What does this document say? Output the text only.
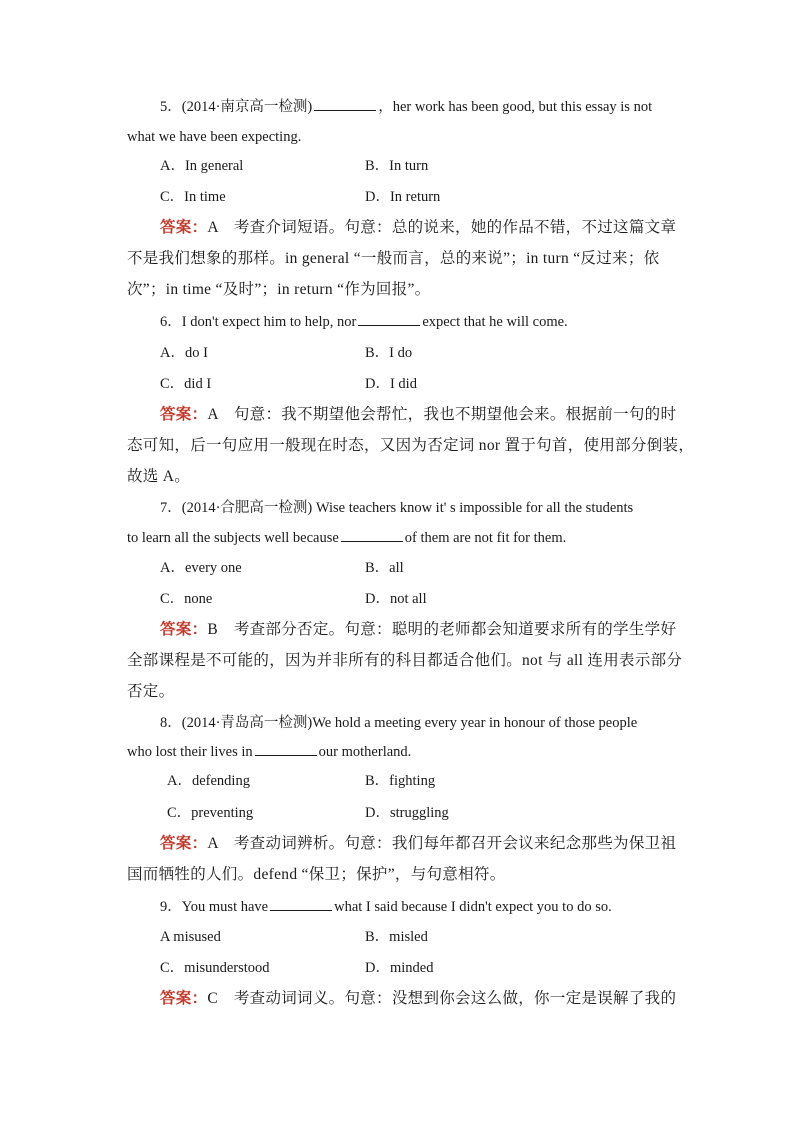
5．(2014·南京高一检测)	，her work has been good, but this essay is not
what we have been expecting.
A．In general	B．In turn
C．In time	D．In return
答案：A　考查介词短语。句意：总的说来，她的作品不错，不过这篇文章
不是我们想象的那样。in general “一般而言，总的来说”；in turn “反过来；依
次”；in time “及时”；in return “作为回报”。
6．I don't expect him to help, nor	expect that he will come.
A．do I	B．I do
C．did I	D．I did
答案：A　句意：我不期望他会帮忙，我也不期望他会来。根据前一句的时
态可知，后一句应用一般现在时态，又因为否定词 nor 置于句首，使用部分倒装，
故选 A。
7．(2014·合肥高一检测) Wise teachers know it' s impossible for all the students
to learn all the subjects well because	of them are not fit for them.
A．every one	B．all
C．none	D．not all
答案：B　考查部分否定。句意：聪明的老师都会知道要求所有的学生学好
全部课程是不可能的，因为并非所有的科目都适合他们。not 与 all 连用表示部分
否定。
8．(2014·青岛高一检测)We hold a meeting every year in honour of those people
who lost their lives in	our motherland.
A．defending	B．fighting
C．preventing	D．struggling
答案：A　考查动词辨析。句意：我们每年都召开会议来纪念那些为保卫祖
国而牺牲的人们。defend “保卫；保护”，与句意相符。
9．You must have	what I said because I didn't expect you to do so.
A misused	B．misled
C．misunderstood	D．minded
答案：C　考查动词词义。句意：没想到你会这么做，你一定是误解了我的
